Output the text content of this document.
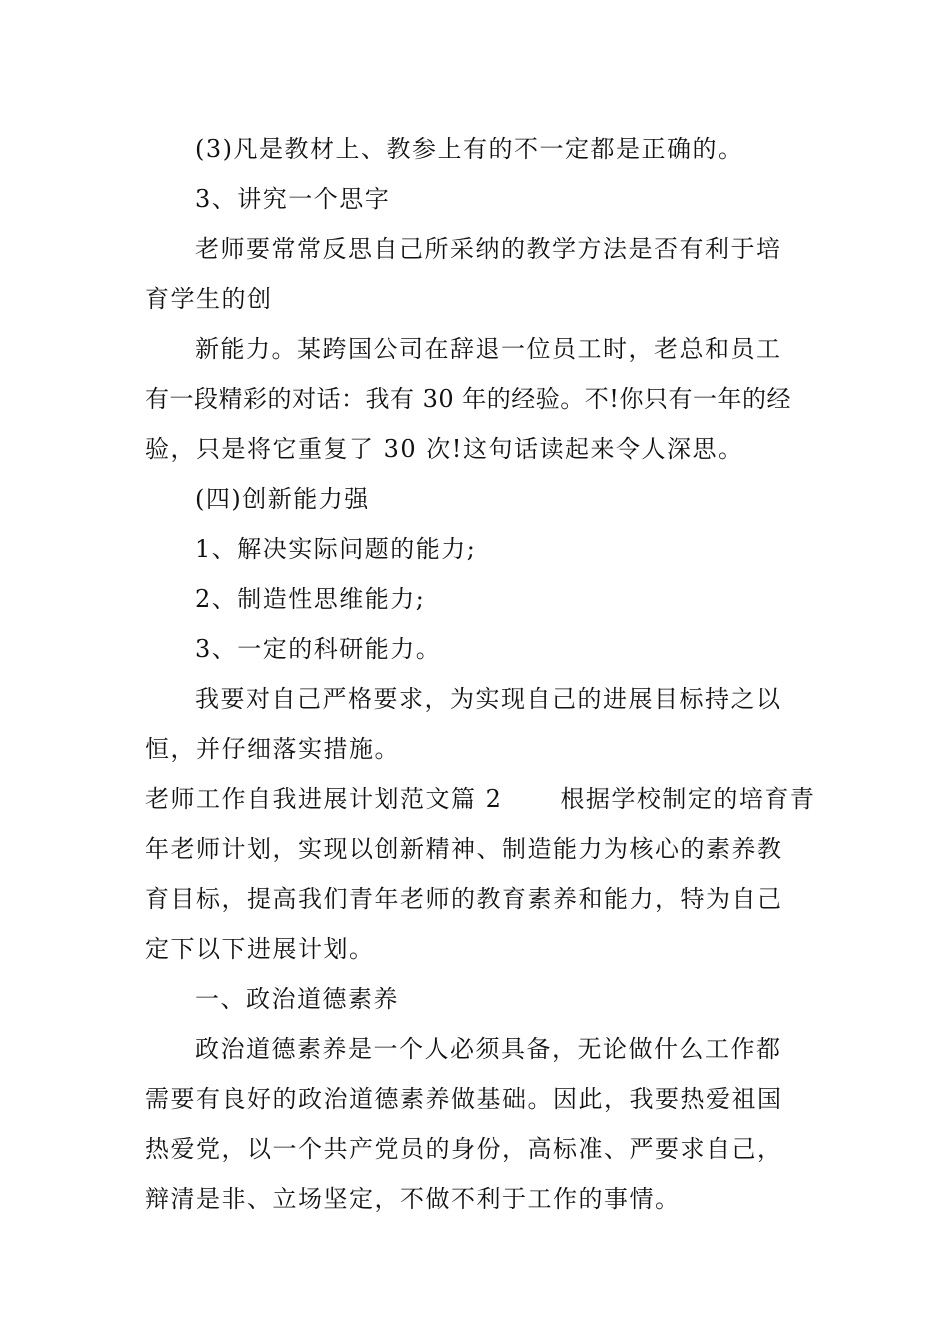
(3)凡是教材上、教参上有的不一定都是正确的。
3、讲究一个思字
老师要常常反思自己所采纳的教学方法是否有利于培
育学生的创
新能力。某跨国公司在辞退一位员工时，老总和员工
有一段精彩的对话：我有 30 年的经验。不!你只有一年的经
验，只是将它重复了 30 次!这句话读起来令人深思。
(四)创新能力强
1、解决实际问题的能力;
2、制造性思维能力;
3、一定的科研能力。
我要对自己严格要求，为实现自己的进展目标持之以
恒，并仔细落实措施。
老师工作自我进展计划范文篇 2 根据学校制定的培育青
年老师计划，实现以创新精神、制造能力为核心的素养教
育目标，提高我们青年老师的教育素养和能力，特为自己
定下以下进展计划。
一、政治道德素养
政治道德素养是一个人必须具备，无论做什么工作都
需要有良好的政治道德素养做基础。因此，我要热爱祖国
热爱党，以一个共产党员的身份，高标准、严要求自己，
辩清是非、立场坚定，不做不利于工作的事情。
